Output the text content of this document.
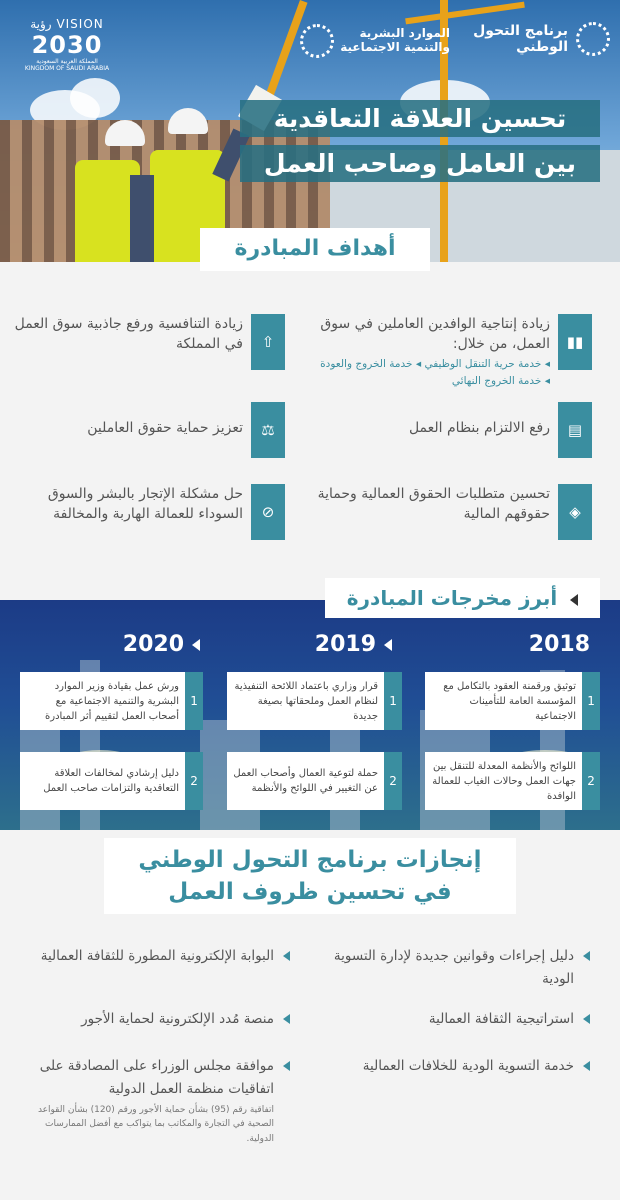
VISION رؤية
2030
المملكة العربية السعودية
KINGDOM OF SAUDI ARABIA
الموارد البشرية
والتنمية الاجتماعية
برنامج التحول
الوطني
تحسين العلاقة التعاقدية
بين العامل وصاحب العمل
أهداف المبادرة
▮▮
زيادة إنتاجية الوافدين العاملين في سوق العمل، من خلال:
◂ خدمة حرية التنقل الوظيفي ◂ خدمة الخروج والعودة
◂ خدمة الخروج النهائي
⇧
زيادة التنافسية ورفع جاذبية سوق العمل في المملكة
▤
رفع الالتزام بنظام العمل
⚖
تعزيز حماية حقوق العاملين
◈
تحسين متطلبات الحقوق العمالية وحماية حقوقهم المالية
⊘
حل مشكلة الإتجار بالبشر والسوق السوداء للعمالة الهاربة والمخالفة
أبرز مخرجات المبادرة
2018
2019
2020
1
توثيق ورقمنة العقود بالتكامل مع المؤسسة العامة للتأمينات الاجتماعية
2
اللوائح والأنظمة المعدلة للتنقل بين جهات العمل وحالات الغياب للعمالة الوافدة
1
قرار وزاري باعتماد اللائحة التنفيذية لنظام العمل وملحقاتها بصيغة جديدة
2
حملة لتوعية العمال وأصحاب العمل عن التغيير في اللوائح والأنظمة
1
ورش عمل بقيادة وزير الموارد البشرية والتنمية الاجتماعية مع أصحاب العمل لتقييم أثر المبادرة
2
دليل إرشادي لمخالفات العلاقة التعاقدية والتزامات صاحب العمل
إنجازات برنامج التحول الوطني
في تحسين ظروف العمل
دليل إجراءات وقوانين جديدة لإدارة التسوية الودية
استراتيجية الثقافة العمالية
خدمة التسوية الودية للخلافات العمالية
البوابة الإلكترونية المطورة للثقافة العمالية
منصة مُدد الإلكترونية لحماية الأجور
موافقة مجلس الوزراء على المصادقة على اتفاقيات منظمة العمل الدولية
اتفاقية رقم (95) بشأن حماية الأجور ورقم (120) بشأن القواعد الصحية في التجارة والمكاتب بما يتواكب مع أفضل الممارسات الدولية.
